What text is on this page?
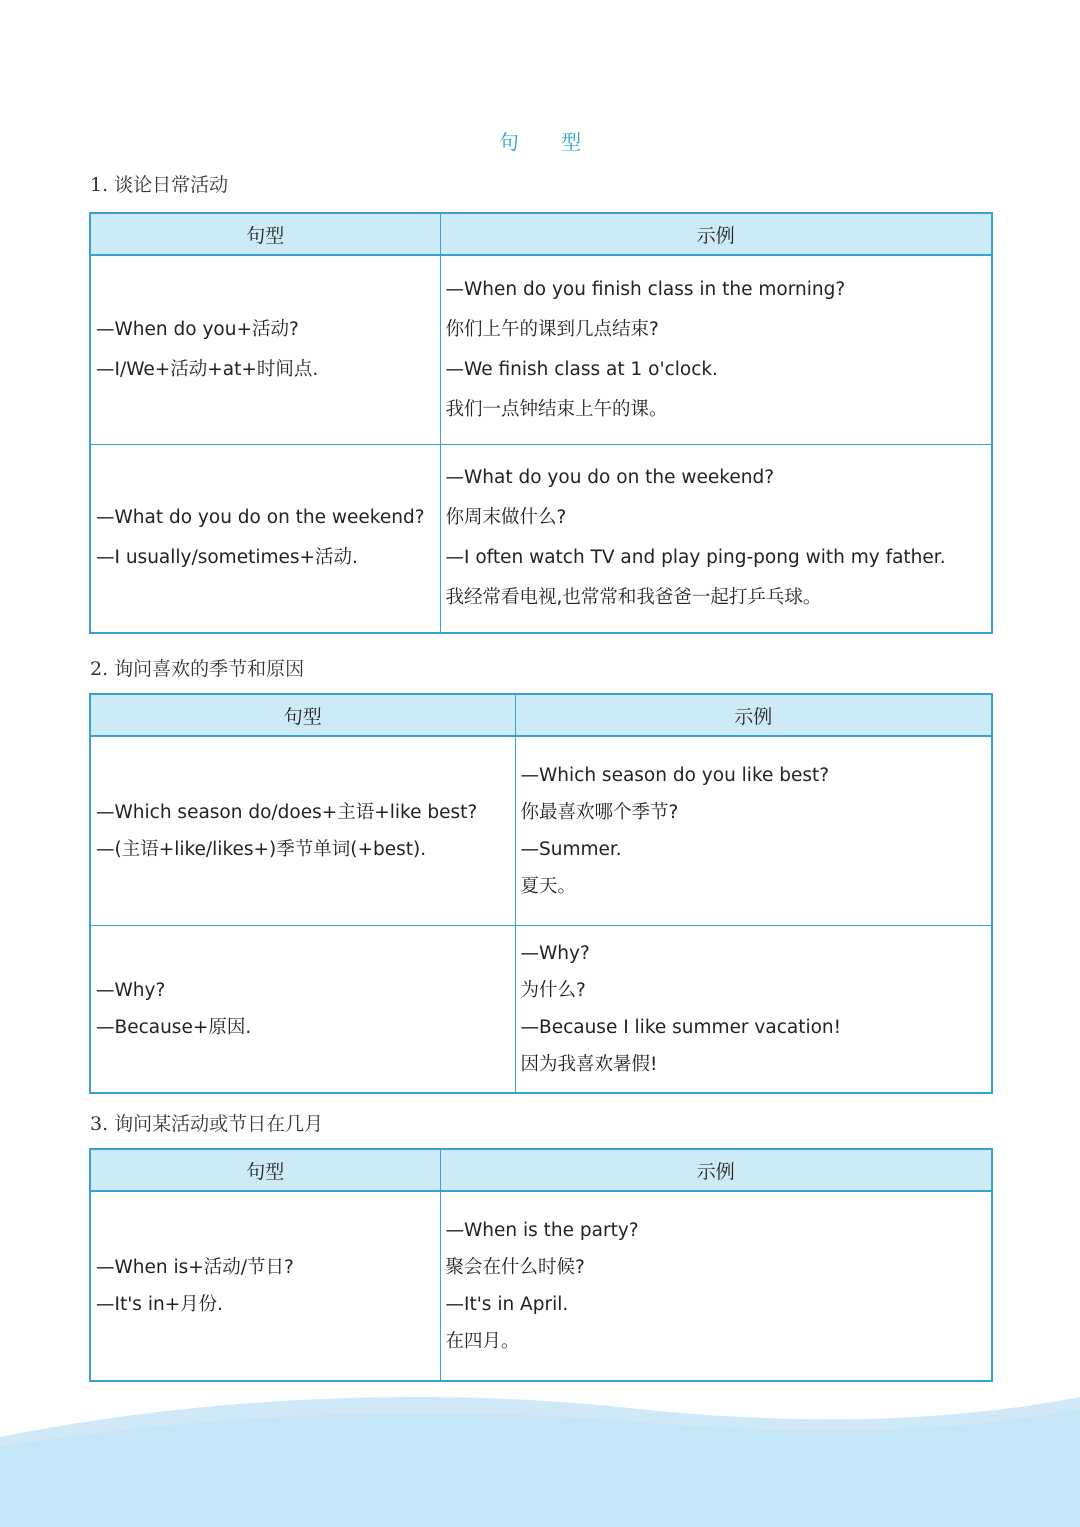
句 型
1. 谈论日常活动
句型	示例

—When do you+活动?
—I/We+活动+at+时间点.	—When do you finish class in the morning?
你们上午的课到几点结束?
—We finish class at 1 o'clock.
我们一点钟结束上午的课。

—What do you do on the weekend?
—I usually/sometimes+活动.	—What do you do on the weekend?
你周末做什么?
—I often watch TV and play ping-pong with my father.
我经常看电视,也常常和我爸爸一起打乒乓球。
2. 询问喜欢的季节和原因
句型	示例

—Which season do/does+主语+like best?
—(主语+like/likes+)季节单词(+best).	—Which season do you like best?
你最喜欢哪个季节?
—Summer.
夏天。

—Why?
—Because+原因.	—Why?
为什么?
—Because I like summer vacation!
因为我喜欢暑假!
3. 询问某活动或节日在几月
句型	示例

—When is+活动/节日?
—It's in+月份.	—When is the party?
聚会在什么时候?
—It's in April.
在四月。
